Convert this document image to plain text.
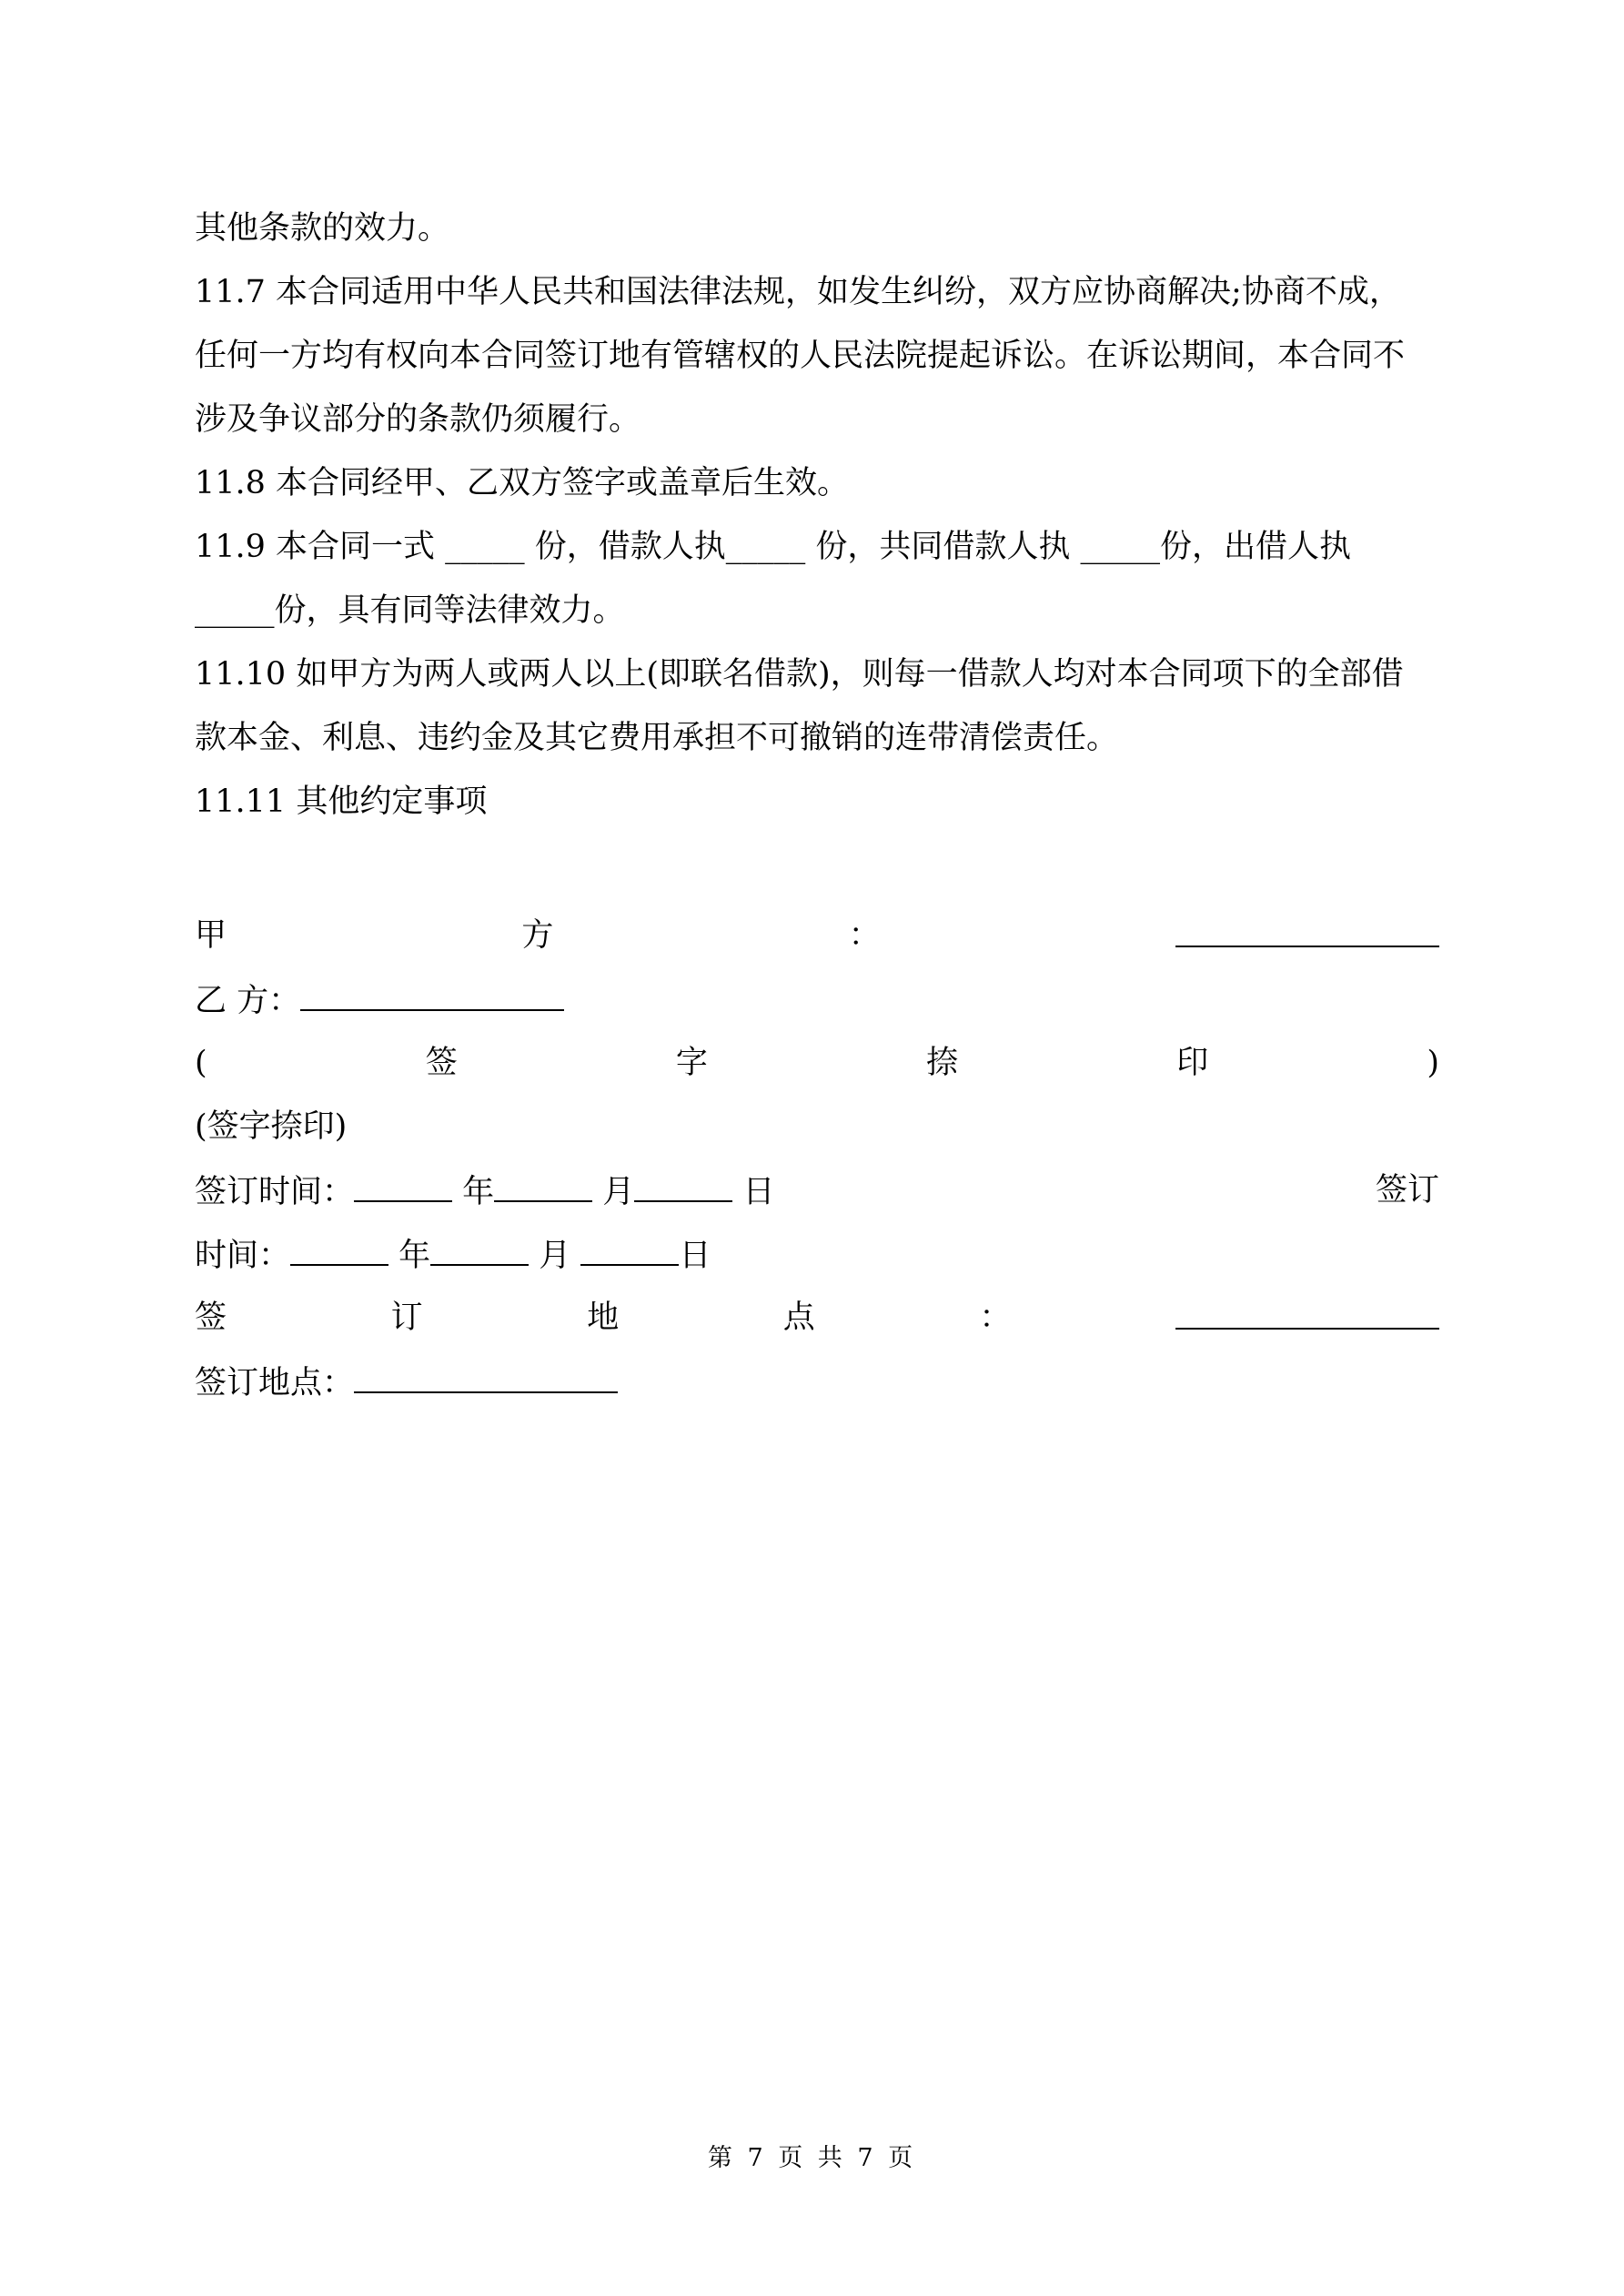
其他条款的效力。
11.7 本合同适用中华人民共和国法律法规，如发生纠纷，双方应协商解决;协商不成，
任何一方均有权向本合同签订地有管辖权的人民法院提起诉讼。在诉讼期间，本合同不
涉及争议部分的条款仍须履行。
11.8 本合同经甲、乙双方签字或盖章后生效。
11.9 本合同一式 _____ 份，借款人执_____ 份，共同借款人执 _____份，出借人执
_____份，具有同等法律效力。
11.10 如甲方为两人或两人以上(即联名借款)，则每一借款人均对本合同项下的全部借
款本金、利息、违约金及其它费用承担不可撤销的连带清偿责任。
11.11 其他约定事项
甲	方	：
乙 方：
(	签	字	捺	印	)
(签字捺印)
签订时间：	年	月	日	签订
时间：	年	月	日
签	订	地	点	：
签订地点：
第 7 页 共 7 页
